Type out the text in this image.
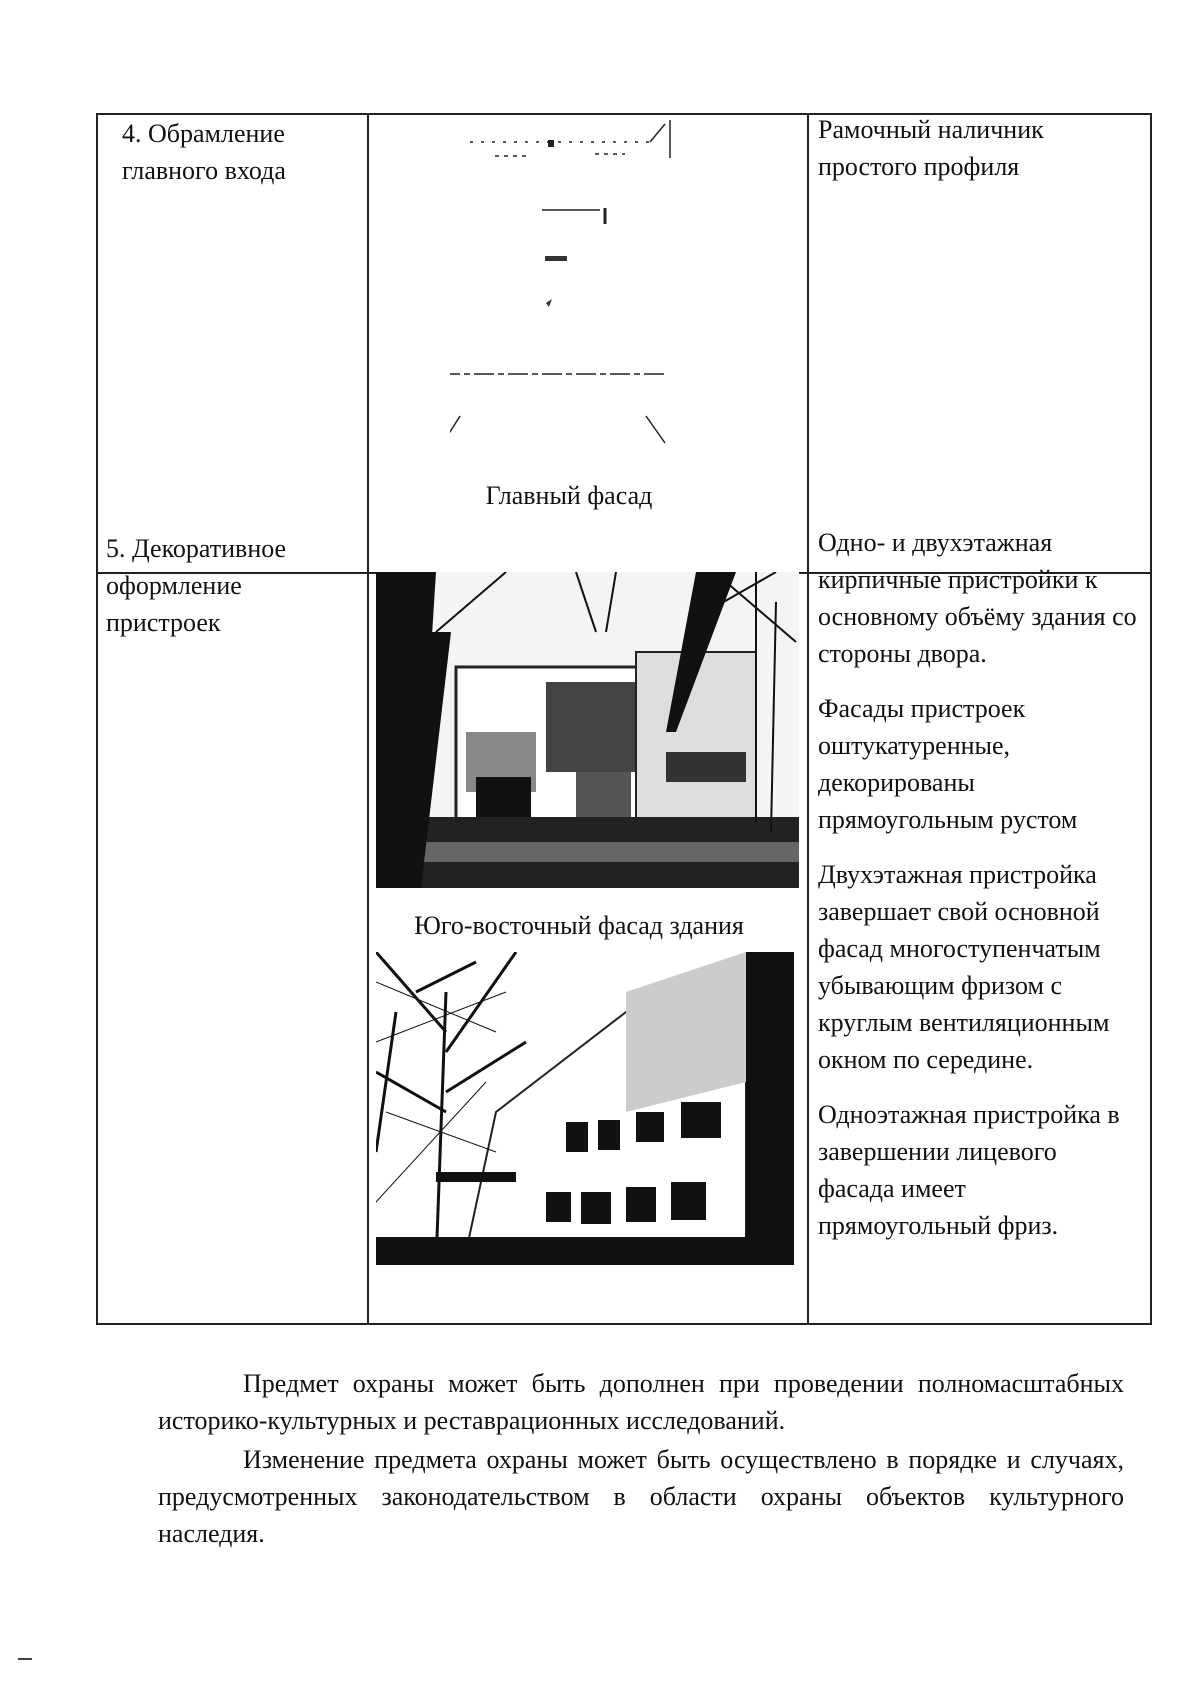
4. Обрамление главного входа

Главный фасад

Рамочный наличник простого профиля

5. Декоративное оформление пристроек

Юго-восточный фасад здания

Одно- и двухэтажная кирпичные пристройки к основному объёму здания со стороны двора.

Фасады пристроек оштукатуренные, декорированы прямоугольным рустом

Двухэтажная пристройка завершает свой основной фасад многоступенчатым убывающим фризом с круглым вентиляционным окном по середине.

Одноэтажная пристройка в завершении лицевого фасада имеет прямоугольный фриз.

Предмет охраны может быть дополнен при проведении полномасштабных историко-культурных и реставрационных исследований.

Изменение предмета охраны может быть осуществлено в порядке и случаях, предусмотренных законодательством в области охраны объектов культурного наследия.
